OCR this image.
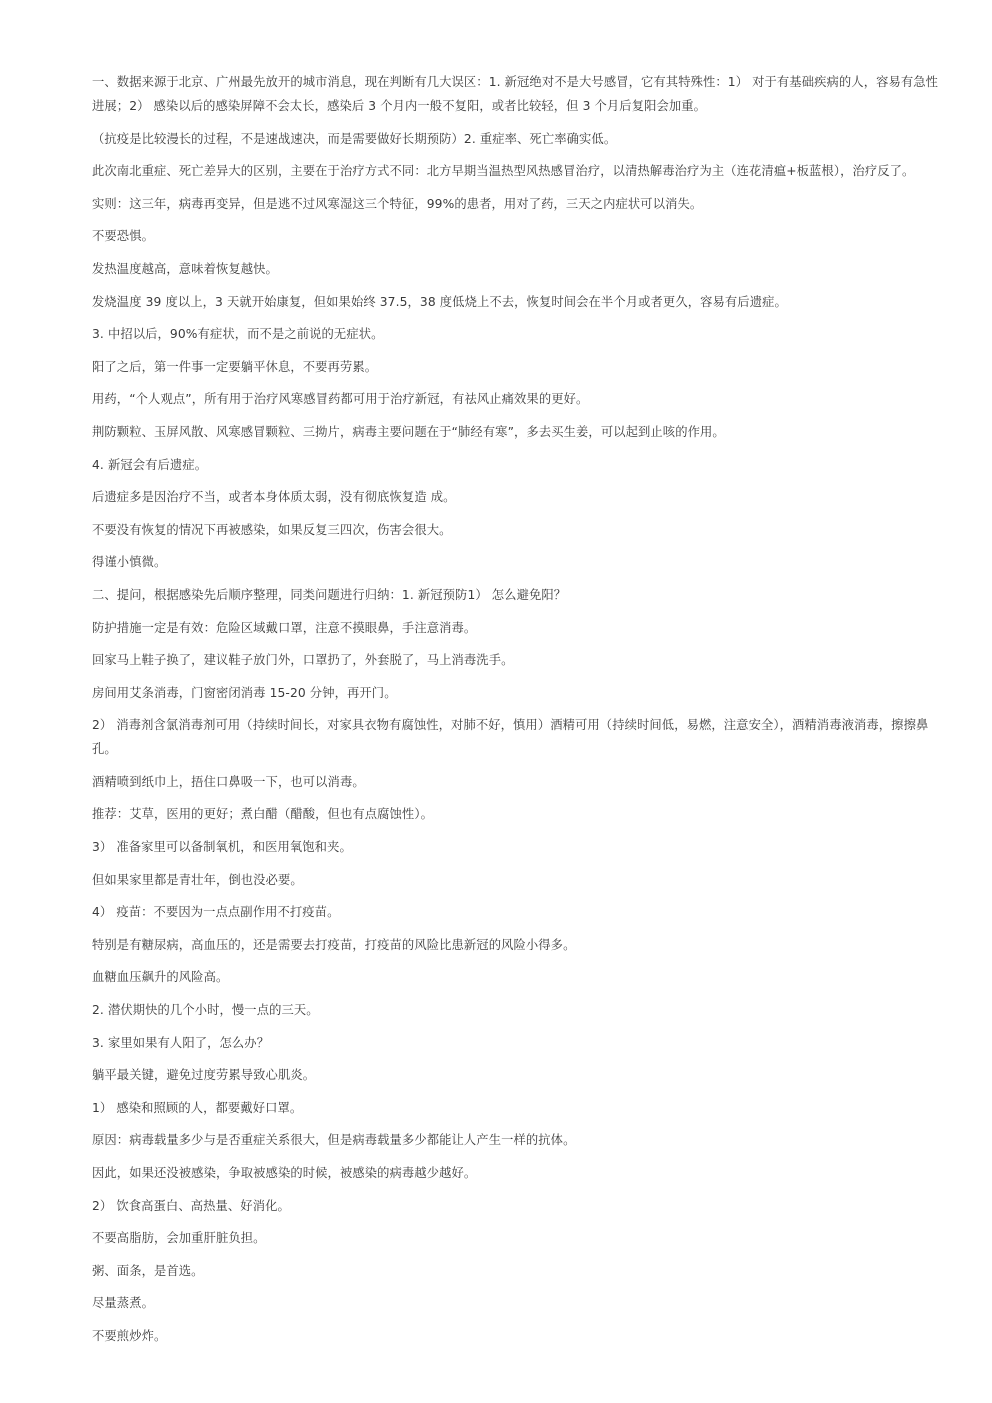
一、数据来源于北京、广州最先放开的城市消息，现在判断有几大误区：1. 新冠绝对不是大号感冒，它有其特殊性：1） 对于有基础疾病的人，容易有急性进展；2） 感染以后的感染屏障不会太长，感染后 3 个月内一般不复阳，或者比较轻，但 3 个月后复阳会加重。

（抗疫是比较漫长的过程，不是速战速决，而是需要做好长期预防）2. 重症率、死亡率确实低。

此次南北重症、死亡差异大的区别，主要在于治疗方式不同：北方早期当温热型风热感冒治疗，以清热解毒治疗为主（连花清瘟+板蓝根），治疗反了。

实则：这三年，病毒再变异，但是逃不过风寒湿这三个特征，99%的患者，用对了药，三天之内症状可以消失。

不要恐惧。

发热温度越高，意味着恢复越快。

发烧温度 39 度以上，3 天就开始康复，但如果始终 37.5，38 度低烧上不去，恢复时间会在半个月或者更久，容易有后遗症。

3. 中招以后，90%有症状，而不是之前说的无症状。

阳了之后，第一件事一定要躺平休息，不要再劳累。

用药，“个人观点”，所有用于治疗风寒感冒药都可用于治疗新冠，有祛风止痛效果的更好。

荆防颗粒、玉屏风散、风寒感冒颗粒、三拗片，病毒主要问题在于“肺经有寒”，多去买生姜，可以起到止咳的作用。

4. 新冠会有后遗症。

后遗症多是因治疗不当，或者本身体质太弱，没有彻底恢复造 成。

不要没有恢复的情况下再被感染，如果反复三四次，伤害会很大。

得谨小慎微。

二、提问，根据感染先后顺序整理，同类问题进行归纳：1. 新冠预防1） 怎么避免阳？

防护措施一定是有效：危险区域戴口罩，注意不摸眼鼻，手注意消毒。

回家马上鞋子换了，建议鞋子放门外，口罩扔了，外套脱了，马上消毒洗手。

房间用艾条消毒，门窗密闭消毒 15-20 分钟，再开门。

2） 消毒剂含氯消毒剂可用（持续时间长，对家具衣物有腐蚀性，对肺不好，慎用）酒精可用（持续时间低，易燃，注意安全），酒精消毒液消毒，擦擦鼻孔。

酒精喷到纸巾上，捂住口鼻吸一下，也可以消毒。

推荐：艾草，医用的更好；煮白醋（醋酸，但也有点腐蚀性）。

3） 准备家里可以备制氧机，和医用氧饱和夹。

但如果家里都是青壮年，倒也没必要。

4） 疫苗：不要因为一点点副作用不打疫苗。

特别是有糖尿病，高血压的，还是需要去打疫苗，打疫苗的风险比患新冠的风险小得多。

血糖血压飙升的风险高。

2. 潜伏期快的几个小时，慢一点的三天。

3. 家里如果有人阳了，怎么办？

躺平最关键，避免过度劳累导致心肌炎。

1） 感染和照顾的人，都要戴好口罩。

原因：病毒载量多少与是否重症关系很大，但是病毒载量多少都能让人产生一样的抗体。

因此，如果还没被感染，争取被感染的时候，被感染的病毒越少越好。

2） 饮食高蛋白、高热量、好消化。

不要高脂肪，会加重肝脏负担。

粥、面条，是首选。

尽量蒸煮。

不要煎炒炸。
